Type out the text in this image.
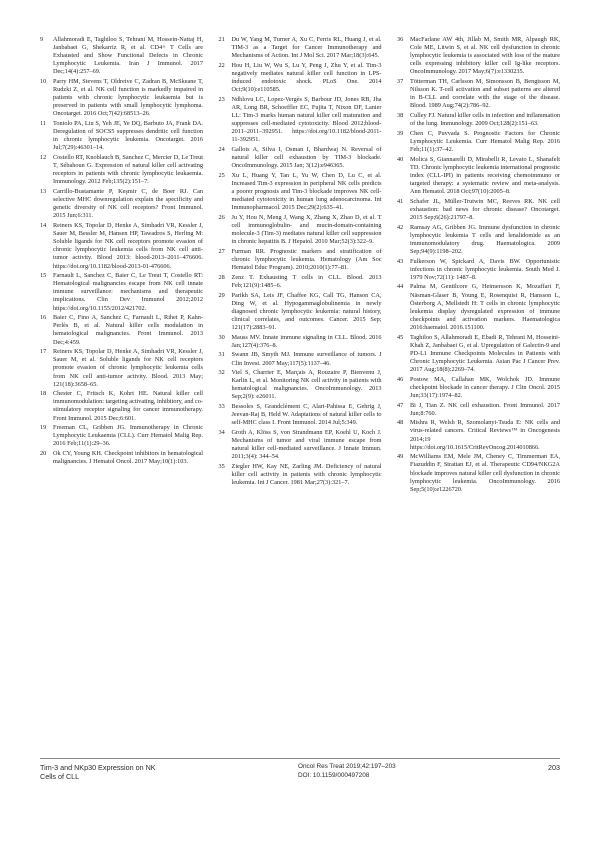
9	Allahmoradi E, Taghiloo S, Tehrani M, Hossein-Nattaj H, Janbabaei G, Shekarriz R, et al. CD4+ T Cells are Exhausted and Show Functional Defects in Chronic Lymphocytic Leukemia. Iran J Immunol. 2017 Dec;14(4):257–69.
10	Parry HM, Stevens T, Oldreive C, Zadran B, McSkeane T, Rudzki Z, et al. NK cell function is markedly impaired in patients with chronic lymphocytic leukaemia but is preserved in patients with small lymphocytic lymphoma. Oncotarget. 2016 Oct;7(42):68513–26.
11	Toniolo PA, Liu S, Yeh JE, Ye DQ, Barbuto JA, Frank DA. Deregulation of SOCS5 suppresses dendritic cell function in chronic lymphocytic leukemia. Oncotarget. 2016 Jul;7(29):46301–14.
12	Costello RT, Knoblauch B, Sanchez C, Mercier D, Le Treut T, Sébahoun G. Expression of natural killer cell activating receptors in patients with chronic lymphocytic leukaemia. Immunology. 2012 Feb;135(2):151–7.
13	Carrillo-Bustamante P, Keşmir C, de Boer RJ. Can selective MHC downregulation explain the specificity and genetic diversity of NK cell receptors? Front Immunol. 2015 Jun;6:311.
14	Reiners KS, Topolar D, Henke A, Simhadri VR, Kessler J, Sauer M, Bessler M, Hansen HP, Tawadros S, Herling M: Soluble ligands for NK cell receptors promote evasion of chronic lymphocytic leukemia cells from NK cell anti-tumor activity. Blood 2013: blood-2013–2011–476606. https://doi.org/10.1182/blood-2013-01-476606.
15	Farnault L, Sanchez C, Baier C, Le Treut T, Costello RT: Hematological malignancies escape from NK cell innate immune surveillance: mechanisms and therapeutic implications. Clin Dev Immunol 2012;2012 https://doi.org/10.1155/2012/421702.
16	Baier C, Fino A, Sanchez C, Farnault L, Rihet P, Kahn-Perlès B, et al. Natural killer cells modulation in hematological malignancies. Front Immunol. 2013 Dec;4:459.
17	Reiners KS, Topolar D, Henke A, Simhadri VR, Kessler J, Sauer M, et al. Soluble ligands for NK cell receptors promote evasion of chronic lymphocytic leukemia cells from NK cell anti-tumor activity. Blood. 2013 May; 121(18):3658–65.
18	Chester C, Fritsch K, Kohrt HE. Natural killer cell immunomodulation: targeting activating, inhibitory, and co-stimulatory receptor signaling for cancer immunotherapy. Front Immunol. 2015 Dec;6:601.
19	Freeman CL, Gribben JG. Immunotherapy in Chronic Lymphocytic Leukaemia (CLL). Curr Hematol Malig Rep. 2016 Feb;11(1):29–36.
20	Ok CY, Young KH. Checkpoint inhibitors in hematological malignancies. J Hematol Oncol. 2017 May;10(1):103.
21	Du W, Yang M, Turner A, Xu C, Ferris RL, Huang J, et al. TIM-3 as a Target for Cancer Immunotherapy and Mechanisms of Action. Int J Mol Sci. 2017 Mar;18(3):645.
22	Hou H, Liu W, Wu S, Lu Y, Peng J, Zhu Y, et al. Tim-3 negatively mediates natural killer cell function in LPS-induced endotoxic shock. PLoS One. 2014 Oct;9(10):e110585.
23	Ndhlovu LC, Lopez-Vergès S, Barbour JD, Jones RB, Jha AR, Long BR, Schoeffler EC, Fujita T, Nixon DF, Lanier LL: Tim-3 marks human natural killer cell maturation and suppresses cell-mediated cytotoxicity. Blood 2012;blood-2011–2011–392951. https://doi.org/10.1182/blood-2011-11-392951.
24	Gallois A, Silva I, Osman I, Bhardwaj N. Reversal of natural killer cell exhaustion by TIM-3 blockade. OncoImmunology. 2015 Jan; 3(12):e946365.
25	Xu L, Huang Y, Tan L, Yu W, Chen D, Lu C, et al. Increased Tim-3 expression in peripheral NK cells predicts a poorer prognosis and Tim-3 blockade improves NK cell-mediated cytotoxicity in human lung adenocarcinoma. Int Immunopharmacol. 2015 Dec;29(2):635–41.
26	Ju Y, Hou N, Meng J, Wang X, Zhang X, Zhao D, et al. T cell immunoglobulin- and mucin-domain-containing molecule-3 (Tim-3) mediates natural killer cell suppression in chronic hepatitis B. J Hepatol. 2010 Mar;52(3):322–9.
27	Furman RR. Prognostic markers and stratification of chronic lymphocytic leukemia. Hematology (Am Soc Hematol Educ Program). 2010;2010(1):77–81.
28	Zenz T. Exhausting T cells in CLL. Blood. 2013 Feb;121(9):1485–6.
29	Parikh SA, Leis JF, Chaffee KG, Call TG, Hanson CA, Ding W, et al. Hypogammaglobulinemia in newly diagnosed chronic lymphocytic leukemia: natural history, clinical correlates, and outcomes. Cancer. 2015 Sep; 121(17):2883–91.
30	Mauss MV. Innate immune signaling in CLL. Blood. 2016 Jan;127(4):376–8.
31	Swann JB, Smyth MJ. Immune surveillance of tumors. J Clin Invest. 2007 May;117(5):1137–46.
32	Viel S, Charrier E, Marçais A, Rouzaire P, Bienvenu J, Karlin L, et al. Monitoring NK cell activity in patients with hematological malignancies. OncoImmunology. 2013 Sep;2(9): e26011.
33	Bessoles S, Grandclément C, Alari-Pahissa E, Gehrig J, Jeevan-Raj B, Held W. Adaptations of natural killer cells to self-MHC class I. Front Immunol. 2014 Jul;5:349.
34	Groth A, Klöss S, von Strandmann EP, Koehl U, Koch J. Mechanisms of tumor and viral immune escape from natural killer cell-mediated surveillance. J Innate Immun. 2011;3(4): 344–54.
35	Ziegler HW, Kay NE, Zarling JM. Deficiency of natural killer cell activity in patients with chronic lymphocytic leukemia. Int J Cancer. 1981 Mar;27(3):321–7.
36	MacFarlane AW 4th, Jillab M, Smith MR, Alpaugh RK, Cole ME, Litwin S, et al. NK cell dysfunction in chronic lymphocytic leukemia is associated with loss of the mature cells expressing inhibitory killer cell Ig-like receptors. OncoImmunology. 2017 May;6(7):e1330235.
37	Tötterman TH, Carlsson M, Simonsson B, Bengtsson M, Nilsson K. T-cell activation and subset patterns are altered in B-CLL and correlate with the stage of the disease. Blood. 1989 Aug;74(2):786–92.
38	Culley FJ. Natural killer cells in infection and inflammation of the lung. Immunology. 2009 Oct;128(2):151–63.
39	Chen C, Puvvada S. Prognostic Factors for Chronic Lymphocytic Leukemia. Curr Hematol Malig Rep. 2016 Feb;11(1):37–42.
40	Molica S, Giannarelli D, Mirabelli R, Levato L, Shanafelt TD. Chronic lymphocytic leukemia international prognostic index (CLL-IPI) in patients receiving chemoimmuno or targeted therapy: a systematic review and meta-analysis. Ann Hematol. 2018 Oct;97(10):2005–8.
41	Schafer JL, Müller-Trutwin MC, Reeves RK. NK cell exhaustion: bad news for chronic disease? Oncotarget. 2015 Sep;6(26):21797–8.
42	Ramsay AG, Gribben JG. Immune dysfunction in chronic lymphocytic leukemia T cells and lenalidomide as an immunomodulatory drug. Haematologica. 2009 Sep;94(9):1198–202.
43	Fulkerson W, Spickard A, Davis BW. Opportunistic infections in chronic lymphocytic leukemia. South Med J. 1979 Nov;72(11): 1487–8.
44	Palma M, Gentilcore G, Heimersson K, Mozaffari F, Näsman-Glaser B, Young E, Rosenquist R, Hansson L, Österborg A, Mellstedt H: T cells in chronic lymphocytic leukemia display dysregulated expression of immune checkpoints and activation markers. Haematologica 2016:haematol. 2016.151100.
45	Taghiloo S, Allahmoradi E, Ebadi R, Tehrani M, Hosseini-Khah Z, Janbabaei G, et al. Upregulation of Galectin-9 and PD-L1 Immune Checkpoints Molecules in Patients with Chronic Lymphocytic Leukemia. Asian Pac J Cancer Prev. 2017 Aug;18(8):2269–74.
46	Postow MA, Callahan MK, Wolchok JD. Immune checkpoint blockade in cancer therapy. J Clin Oncol. 2015 Jun;33(17):1974–82.
47	Bi J, Tian Z. NK cell exhaustion. Front Immunol. 2017 Jun;8:760.
48	Mishra R, Welsh R, Szomolanyi-Tsuda E: NK cells and virus-related cancers. Critical Reviews™ in Oncogenesis 2014;19 https://doi.org/10.1615/CritRevOncog.2014010866.
49	McWilliams EM, Mele JM, Cheney C, Timmerman EA, Fiazuddin F, Strattan EJ, et al. Therapeutic CD94/NKG2A blockade improves natural killer cell dysfunction in chronic lymphocytic leukemia. OncoImmunology. 2016 Sep;5(10):e1226720.
Tim-3 and NKp30 Expression on NK Cells of CLL
Oncol Res Treat 2019;42:197–203
DOI: 10.1159/000497208
203
